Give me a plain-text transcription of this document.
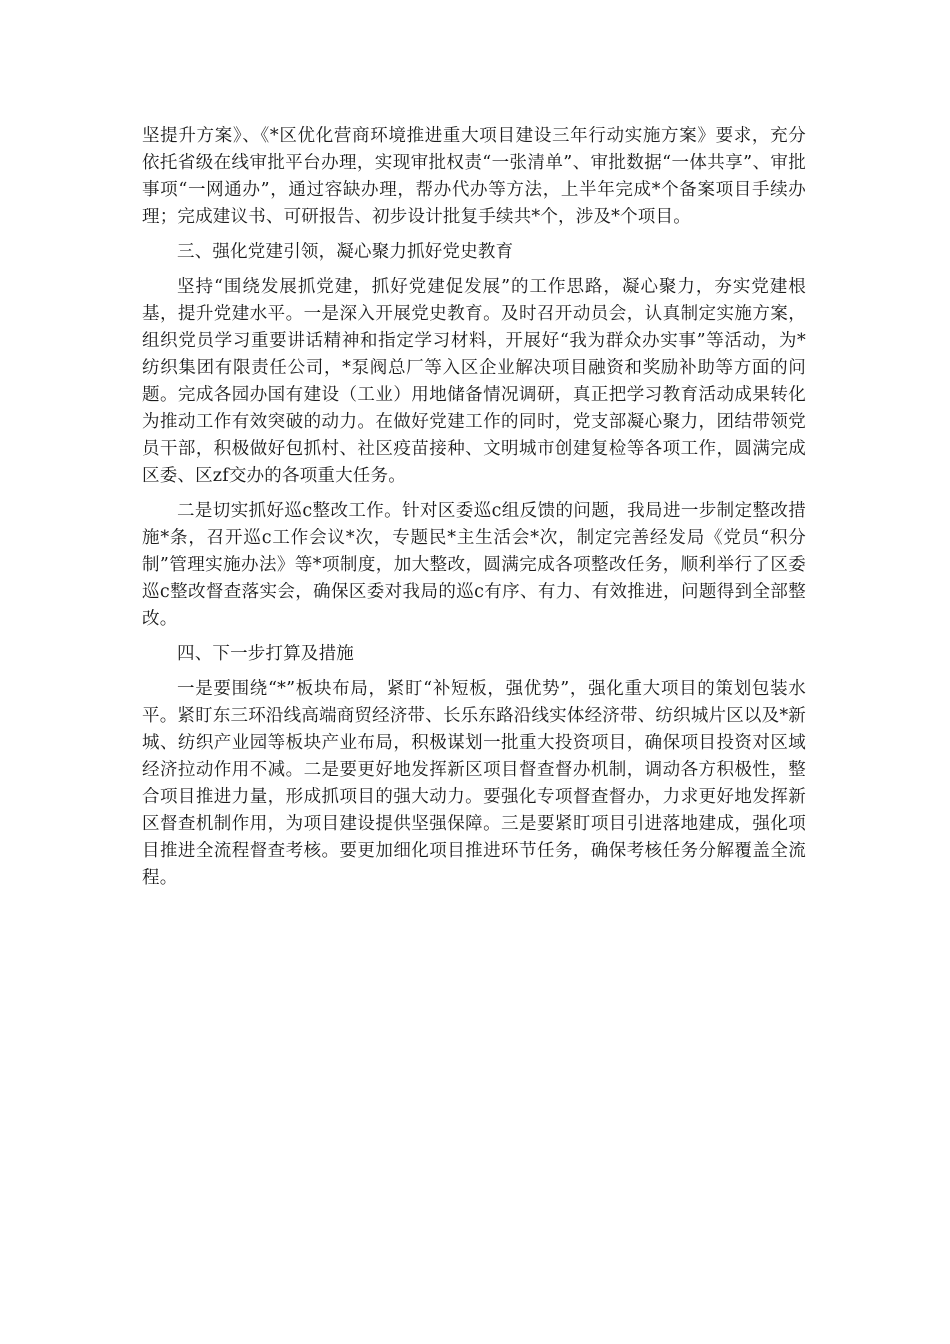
坚提升方案》、《*区优化营商环境推进重大项目建设三年行动实施方案》要求，充分依托省级在线审批平台办理，实现审批权责“一张清单”、审批数据“一体共享”、审批事项“一网通办”，通过容缺办理，帮办代办等方法，上半年完成*个备案项目手续办理；完成建议书、可研报告、初步设计批复手续共*个，涉及*个项目。

三、强化党建引领，凝心聚力抓好党史教育

坚持“围绕发展抓党建，抓好党建促发展”的工作思路，凝心聚力，夯实党建根基，提升党建水平。一是深入开展党史教育。及时召开动员会，认真制定实施方案，组织党员学习重要讲话精神和指定学习材料，开展好“我为群众办实事”等活动，为*纺织集团有限责任公司，*泵阀总厂等入区企业解决项目融资和奖励补助等方面的问题。完成各园办国有建设（工业）用地储备情况调研，真正把学习教育活动成果转化为推动工作有效突破的动力。在做好党建工作的同时，党支部凝心聚力，团结带领党员干部，积极做好包抓村、社区疫苗接种、文明城市创建复检等各项工作，圆满完成区委、区zf交办的各项重大任务。

二是切实抓好巡c整改工作。针对区委巡c组反馈的问题，我局进一步制定整改措施*条，召开巡c工作会议*次，专题民*主生活会*次，制定完善经发局《党员“积分制”管理实施办法》等*项制度，加大整改，圆满完成各项整改任务，顺利举行了区委巡c整改督查落实会，确保区委对我局的巡c有序、有力、有效推进，问题得到全部整改。

四、下一步打算及措施

一是要围绕“*”板块布局，紧盯“补短板，强优势”，强化重大项目的策划包装水平。紧盯东三环沿线高端商贸经济带、长乐东路沿线实体经济带、纺织城片区以及*新城、纺织产业园等板块产业布局，积极谋划一批重大投资项目，确保项目投资对区域经济拉动作用不减。二是要更好地发挥新区项目督查督办机制，调动各方积极性，整合项目推进力量，形成抓项目的强大动力。要强化专项督查督办，力求更好地发挥新区督查机制作用，为项目建设提供坚强保障。三是要紧盯项目引进落地建成，强化项目推进全流程督查考核。要更加细化项目推进环节任务，确保考核任务分解覆盖全流程。
